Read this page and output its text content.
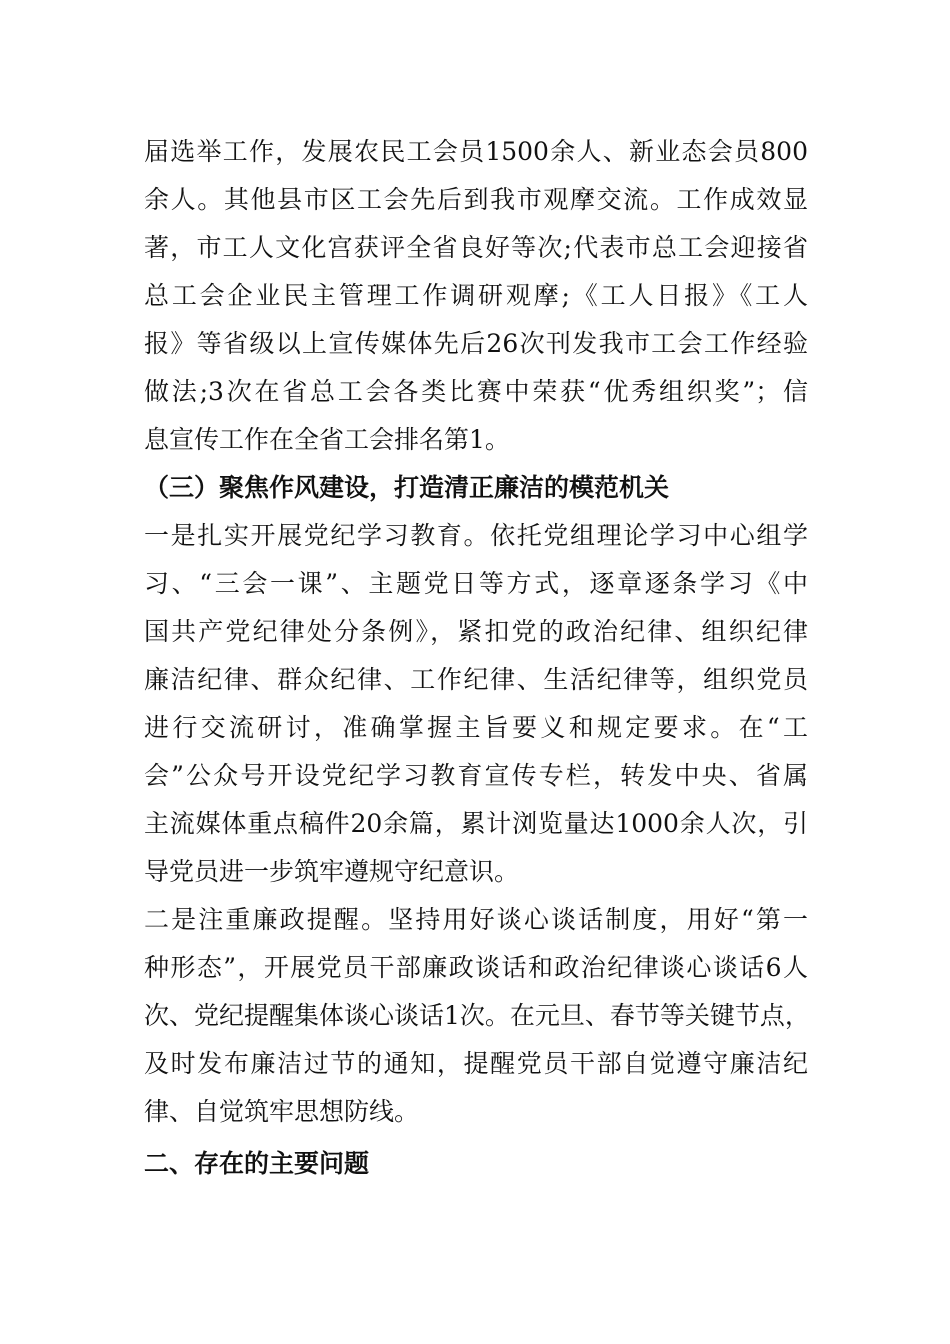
届选举工作，发展农民工会员1500余人、新业态会员800
余人。其他县市区工会先后到我市观摩交流。工作成效显
著，市工人文化宫获评全省良好等次;代表市总工会迎接省
总工会企业民主管理工作调研观摩;《工人日报》《工人
报》等省级以上宣传媒体先后26次刊发我市工会工作经验
做法;3次在省总工会各类比赛中荣获“优秀组织奖”；信
息宣传工作在全省工会排名第1。
（三）聚焦作风建设，打造清正廉洁的模范机关
一是扎实开展党纪学习教育。依托党组理论学习中心组学
习、“三会一课”、主题党日等方式，逐章逐条学习《中
国共产党纪律处分条例》，紧扣党的政治纪律、组织纪律
廉洁纪律、群众纪律、工作纪律、生活纪律等，组织党员
进行交流研讨，准确掌握主旨要义和规定要求。在“工
会”公众号开设党纪学习教育宣传专栏，转发中央、省属
主流媒体重点稿件20余篇，累计浏览量达1000余人次，引
导党员进一步筑牢遵规守纪意识。
二是注重廉政提醒。坚持用好谈心谈话制度，用好“第一
种形态”，开展党员干部廉政谈话和政治纪律谈心谈话6人
次、党纪提醒集体谈心谈话1次。在元旦、春节等关键节点，
及时发布廉洁过节的通知，提醒党员干部自觉遵守廉洁纪
律、自觉筑牢思想防线。
二、存在的主要问题
